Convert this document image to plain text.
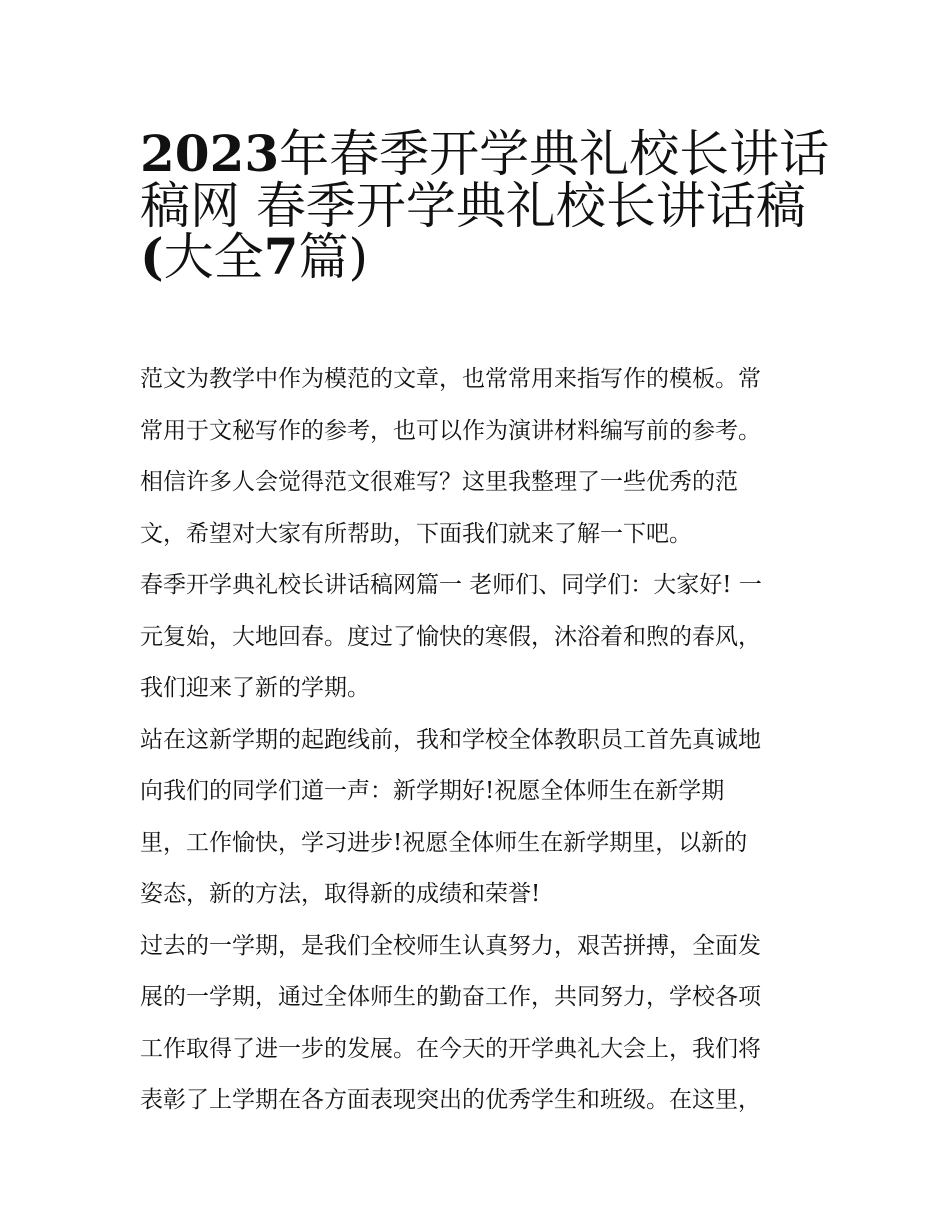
2023年春季开学典礼校长讲话
稿网 春季开学典礼校长讲话稿
(大全7篇)
范文为教学中作为模范的文章，也常常用来指写作的模板。常
常用于文秘写作的参考，也可以作为演讲材料编写前的参考。
相信许多人会觉得范文很难写？这里我整理了一些优秀的范
文，希望对大家有所帮助，下面我们就来了解一下吧。
春季开学典礼校长讲话稿网篇一 老师们、同学们：大家好! 一
元复始，大地回春。度过了愉快的寒假，沐浴着和煦的春风，
我们迎来了新的学期。
站在这新学期的起跑线前，我和学校全体教职员工首先真诚地
向我们的同学们道一声：新学期好!祝愿全体师生在新学期
里，工作愉快，学习进步!祝愿全体师生在新学期里，以新的
姿态，新的方法，取得新的成绩和荣誉!
过去的一学期，是我们全校师生认真努力，艰苦拼搏，全面发
展的一学期，通过全体师生的勤奋工作，共同努力，学校各项
工作取得了进一步的发展。在今天的开学典礼大会上，我们将
表彰了上学期在各方面表现突出的优秀学生和班级。在这里，
